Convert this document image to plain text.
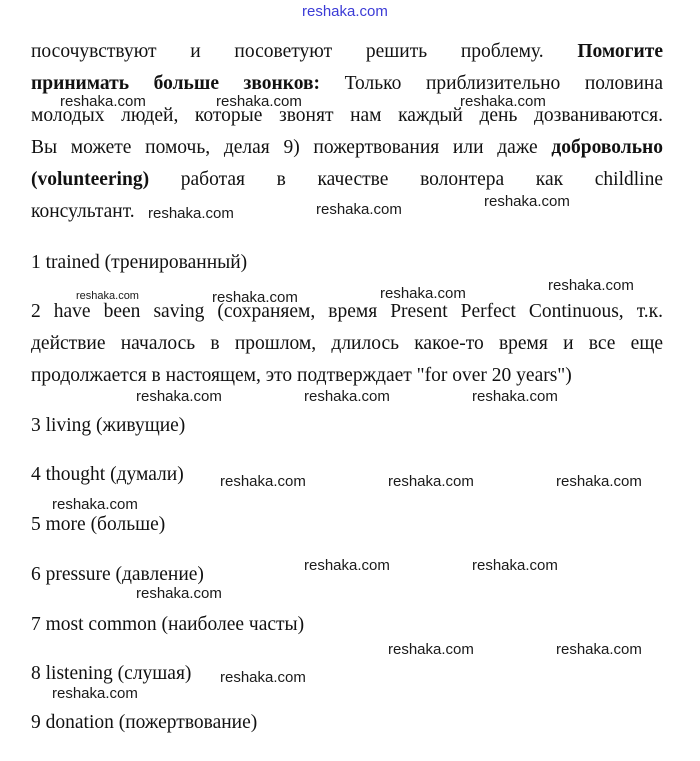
reshaka.com
посочувствуют и посоветуют решить проблему. Помогите
принимать больше звонков: Только приблизительно половина
молодых людей, которые звонят нам каждый день дозваниваются.
Вы можете помочь, делая 9) пожертвования или даже добровольно
(volunteering) работая в качестве волонтера как childline
консультант.
1 trained (тренированный)
2 have been saving (сохраняем, время Present Perfect Continuous, т.к.
действие началось в прошлом, длилось какое-то время и все еще
продолжается в настоящем, это подтверждает "for over 20 years")
3 living (живущие)
4 thought (думали)
5 more (больше)
6 pressure (давление)
7 most common (наиболее часты)
8 listening (слушая)
9 donation (пожертвование)
reshaka.com	reshaka.com	reshaka.com
reshaka.com	reshaka.com	reshaka.com
reshaka.com
reshaka.com	reshaka.com	reshaka.com
reshaka.com	reshaka.com	reshaka.com
reshaka.com	reshaka.com	reshaka.com
reshaka.com
reshaka.com	reshaka.com
reshaka.com
reshaka.com	reshaka.com
reshaka.com
reshaka.com
